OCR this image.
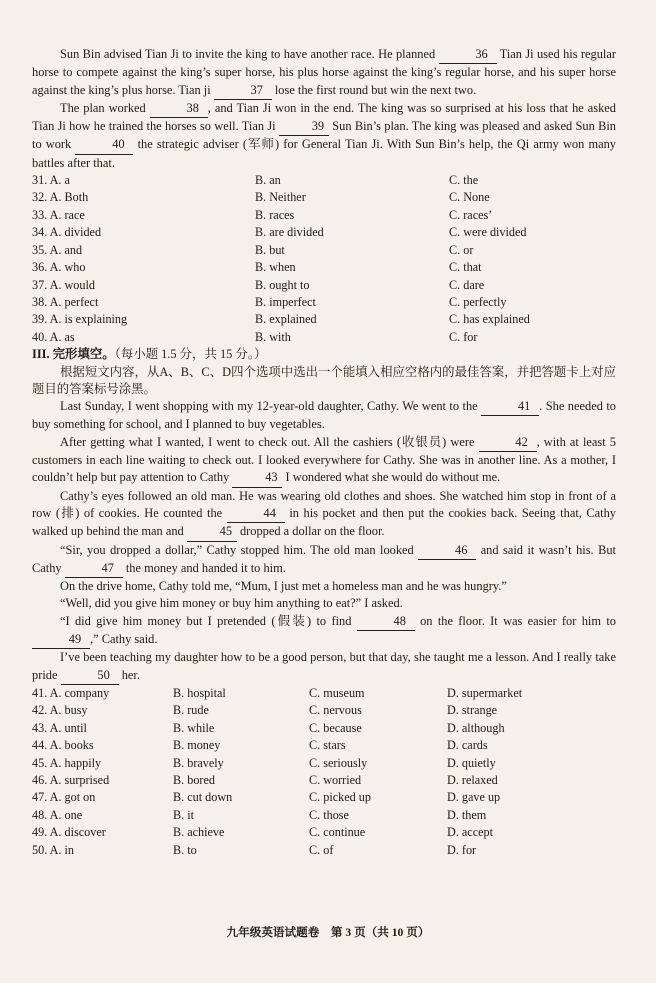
Sun Bin advised Tian Ji to invite the king to have another race. He planned	36 Tian Ji used his regular horse to compete against the king’s super horse, his plus horse against the king’s regular horse, and his super horse against the king’s plus horse. Tian ji	37 lose the first round but win the next two.

The plan worked	38 , and Tian Ji won in the end. The king was so surprised at his loss that he asked Tian Ji how he trained the horses so well. Tian Ji	39 Sun Bin’s plan. The king was pleased and asked Sun Bin to work	40 the strategic adviser (军师) for General Tian Ji. With Sun Bin’s help, the Qi army won many battles after that.

31. A. a	B. an	C. the
32. A. Both	B. Neither	C. None
33. A. race	B. races	C. races’
34. A. divided	B. are divided	C. were divided
35. A. and	B. but	C. or
36. A. who	B. when	C. that
37. A. would	B. ought to	C. dare
38. A. perfect	B. imperfect	C. perfectly
39. A. is explaining	B. explained	C. has explained
40. A. as	B. with	C. for

III. 完形填空。（每小题 1.5 分，共 15 分。）

根据短文内容，从A、B、C、D四个选项中选出一个能填入相应空格内的最佳答案，并把答题卡上对应题目的答案标号涂黑。

Last Sunday, I went shopping with my 12-year-old daughter, Cathy. We went to the	41 . She needed to buy something for school, and I planned to buy vegetables.

After getting what I wanted, I went to check out. All the cashiers (收银员) were	42 , with at least 5 customers in each line waiting to check out. I looked everywhere for Cathy. She was in another line. As a mother, I couldn’t help but pay attention to Cathy	43 I wondered what she would do without me.

Cathy’s eyes followed an old man. He was wearing old clothes and shoes. She watched him stop in front of a row (排) of cookies. He counted the	44 in his pocket and then put the cookies back. Seeing that, Cathy walked up behind the man and	45 dropped a dollar on the floor.

“Sir, you dropped a dollar,” Cathy stopped him. The old man looked	46 and said it wasn’t his. But Cathy	47 the money and handed it to him.

On the drive home, Cathy told me, “Mum, I just met a homeless man and he was hungry.”

“Well, did you give him money or buy him anything to eat?” I asked.

“I did give him money but I pretended (假装) to find	48 on the floor. It was easier for him to 49 ,” Cathy said.

I’ve been teaching my daughter how to be a good person, but that day, she taught me a lesson. And I really take pride	50 her.

41. A. company	B. hospital	C. museum	D. supermarket
42. A. busy	B. rude	C. nervous	D. strange
43. A. until	B. while	C. because	D. although
44. A. books	B. money	C. stars	D. cards
45. A. happily	B. bravely	C. seriously	D. quietly
46. A. surprised	B. bored	C. worried	D. relaxed
47. A. got on	B. cut down	C. picked up	D. gave up
48. A. one	B. it	C. those	D. them
49. A. discover	B. achieve	C. continue	D. accept
50. A. in	B. to	C. of	D. for
九年级英语试题卷　第 3 页（共 10 页）
